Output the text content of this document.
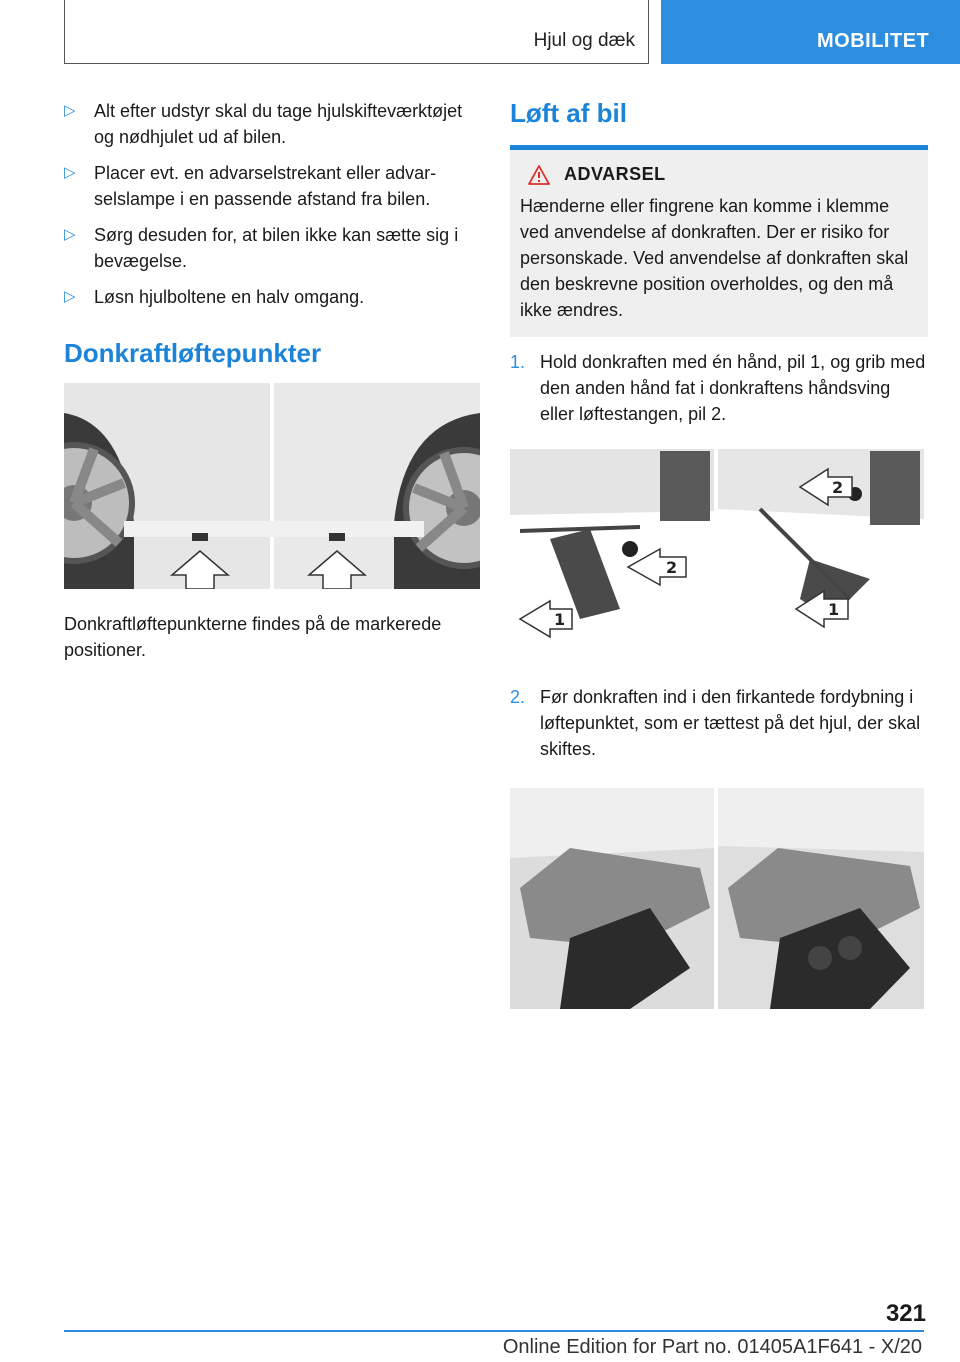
Hjul og dæk	MOBILITET
▷ Alt efter udstyr skal du tage hjulskifteværktøjet og nødhjulet ud af bilen.
▷ Placer evt. en advarselstrekant eller advarselslampe i en passende afstand fra bilen.
▷ Sørg desuden for, at bilen ikke kan sætte sig i bevægelse.
▷ Løsn hjulboltene en halv omgang.
Donkraftløftepunkter
Donkraftløftepunkterne findes på de markerede positioner.
Løft af bil
ADVARSEL
Hænderne eller fingrene kan komme i klemme ved anvendelse af donkraften. Der er risiko for personskade. Ved anvendelse af donkraften skal den beskrevne position overholdes, og den må ikke ændres.
1. Hold donkraften med én hånd, pil 1, og grib med den anden hånd fat i donkraftens håndsving eller løftestangen, pil 2.
1
2
2
1
2. Før donkraften ind i den firkantede fordybning i løftepunktet, som er tættest på det hjul, der skal skiftes.
321
Online Edition for Part no. 01405A1F641 - X/20
